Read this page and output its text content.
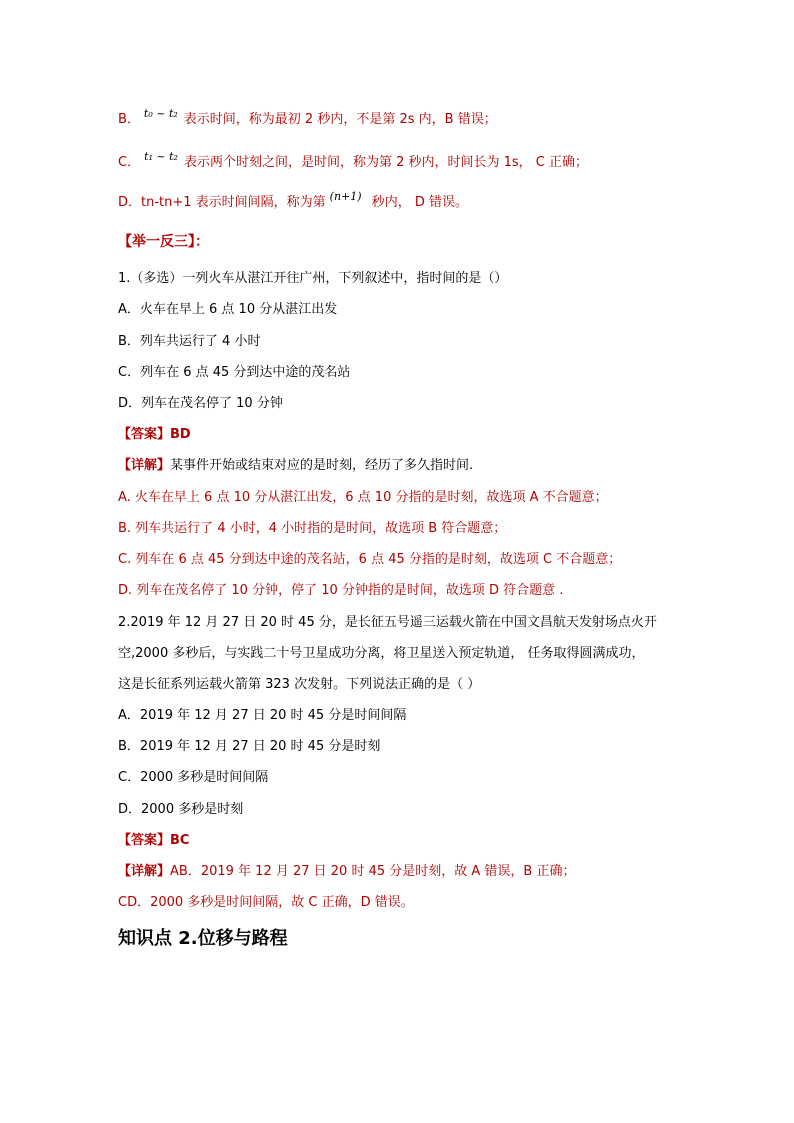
B． $^{t_0 \sim t_2}$ 表示时间，称为最初 2 秒内，不是第 2s 内，B 错误；
C． $^{t_1 \sim t_2}$ 表示两个时刻之间，是时间，称为第 2 秒内，时间长为 1s， C 正确；
D．tn-tn+1 表示时间间隔，称为第 $^{(n+1)}$ 秒内， D 错误。
【举一反三】：
1.（多选）一列火车从湛江开往广州，下列叙述中，指时间的是（）
A．火车在早上 6 点 10 分从湛江出发
B．列车共运行了 4 小时
C．列车在 6 点 45 分到达中途的茂名站
D．列车在茂名停了 10 分钟
【答案】BD
【详解】某事件开始或结束对应的是时刻，经历了多久指时间.
A. 火车在早上 6 点 10 分从湛江出发，6 点 10 分指的是时刻，故选项 A 不合题意；
B. 列车共运行了 4 小时，4 小时指的是时间，故选项 B 符合题意；
C. 列车在 6 点 45 分到达中途的茂名站，6 点 45 分指的是时刻，故选项 C 不合题意；
D. 列车在茂名停了 10 分钟，停了 10 分钟指的是时间，故选项 D 符合题意 .
2.2019 年 12 月 27 日 20 时 45 分，是长征五号遥三运载火箭在中国文昌航天发射场点火开
空,2000 多秒后，与实践二十号卫星成功分离，将卫星送入预定轨道， 任务取得圆满成功，
这是长征系列运载火箭第 323 次发射。下列说法正确的是（ ）
A．2019 年 12 月 27 日 20 时 45 分是时间间隔
B．2019 年 12 月 27 日 20 时 45 分是时刻
C．2000 多秒是时间间隔
D．2000 多秒是时刻
【答案】BC
【详解】AB．2019 年 12 月 27 日 20 时 45 分是时刻，故 A 错误，B 正确；
CD．2000 多秒是时间间隔，故 C 正确，D 错误。
知识点 2.位移与路程
